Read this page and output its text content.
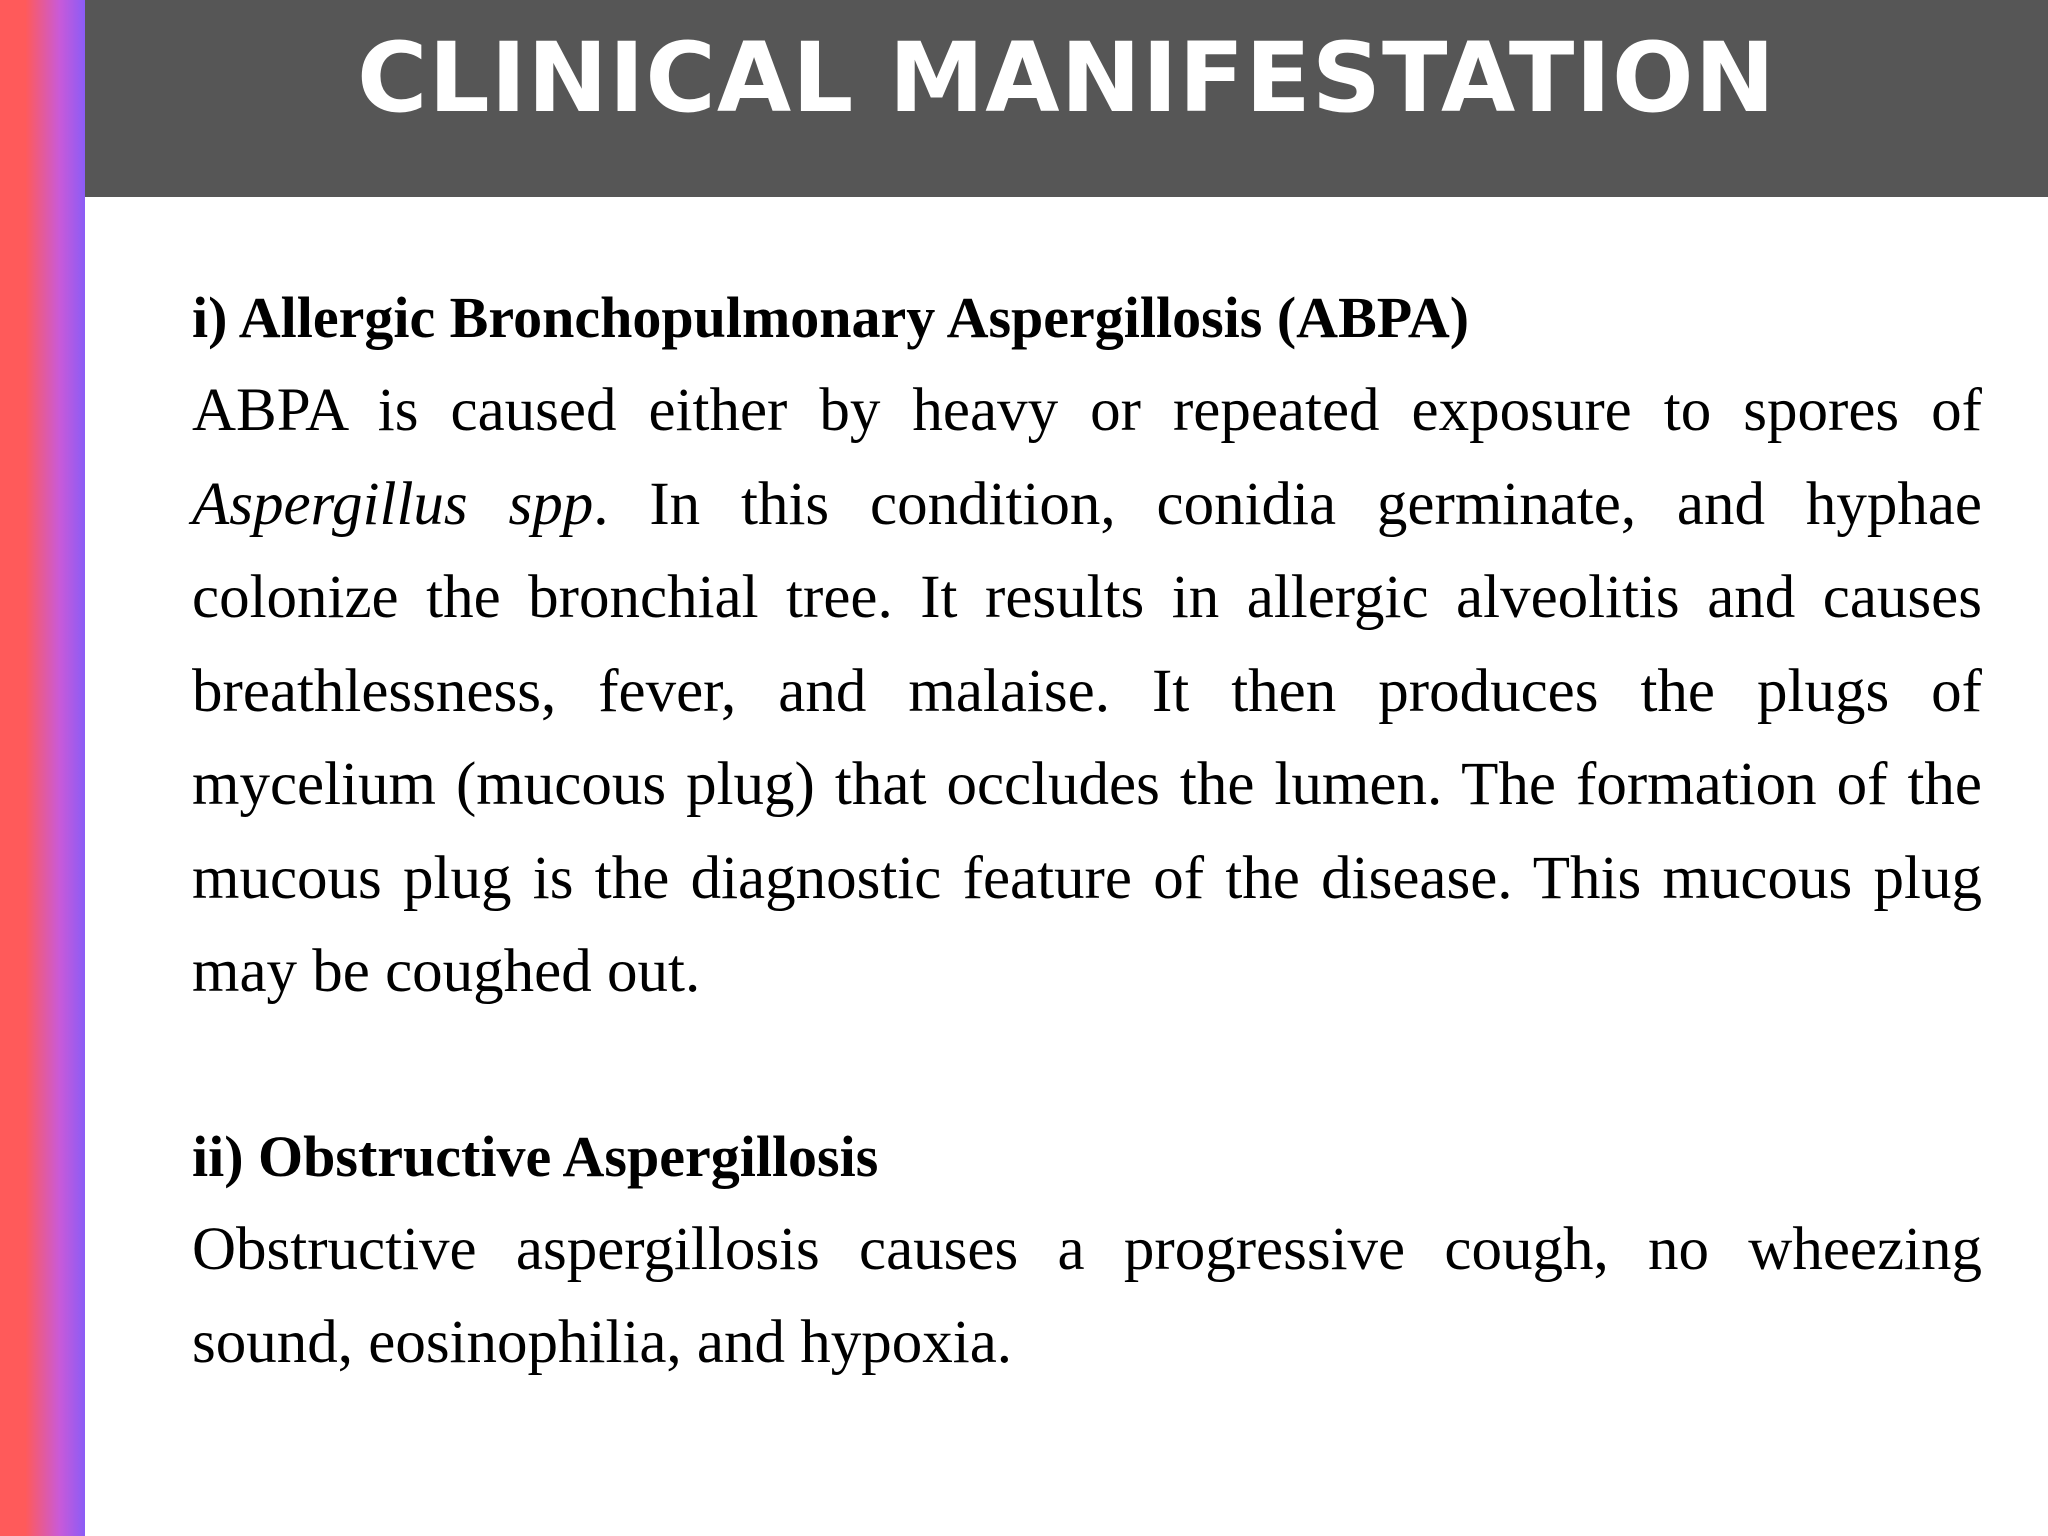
CLINICAL MANIFESTATION

i) Allergic Bronchopulmonary Aspergillosis (ABPA)

ABPA is caused either by heavy or repeated exposure to spores of Aspergillus spp. In this condition, conidia germinate, and hyphae colonize the bronchial tree. It results in allergic alveolitis and causes breathlessness, fever, and malaise. It then produces the plugs of mycelium (mucous plug) that occludes the lumen. The formation of the mucous plug is the diagnostic feature of the disease. This mucous plug may be coughed out.

ii) Obstructive Aspergillosis

Obstructive aspergillosis causes a progressive cough, no wheezing sound, eosinophilia, and hypoxia.
